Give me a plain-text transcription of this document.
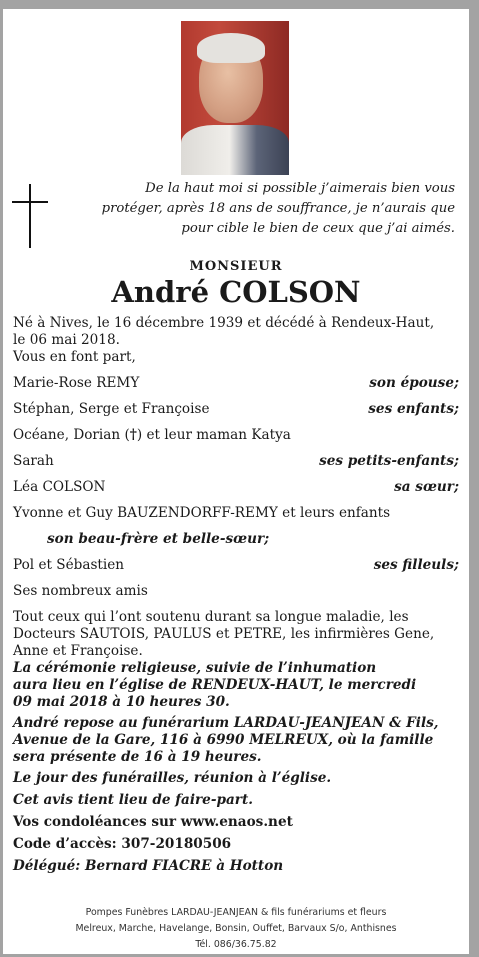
De la haut moi si possible j’aimerais bien vous
protéger, après 18 ans de souffrance, je n’aurais que
pour cible le bien de ceux que j’ai aimés.
MONSIEUR
André COLSON
Né à Nives, le 16 décembre 1939 et décédé à Rendeux-Haut,
le 06 mai 2018.
Vous en font part,
Marie-Rose REMY	son épouse;
Stéphan, Serge et Françoise	ses enfants;
Océane, Dorian (†) et leur maman Katya
Sarah	ses petits-enfants;
Léa COLSON	sa sœur;
Yvonne et Guy BAUZENDORFF-REMY et leurs enfants
son beau-frère et belle-sœur;
Pol et Sébastien	ses filleuls;
Ses nombreux amis
Tout ceux qui l’ont soutenu durant sa longue maladie, les
Docteurs SAUTOIS, PAULUS et PETRE, les infirmières Gene,
Anne et Françoise.
La cérémonie religieuse, suivie de l’inhumation
aura lieu en l’église de RENDEUX-HAUT, le mercredi
09 mai 2018 à 10 heures 30.
André repose au funérarium LARDAU-JEANJEAN & Fils,
Avenue de la Gare, 116 à 6990 MELREUX, où la famille
sera présente de 16 à 19 heures.
Le jour des funérailles, réunion à l’église.
Cet avis tient lieu de faire-part.
Vos condoléances sur www.enaos.net
Code d’accès: 307-20180506
Délégué: Bernard FIACRE à Hotton
Pompes Funèbres LARDAU-JEANJEAN & fils funérariums et fleurs
Melreux, Marche, Havelange, Bonsin, Ouffet, Barvaux S/o, Anthisnes
Tél. 086/36.75.82
